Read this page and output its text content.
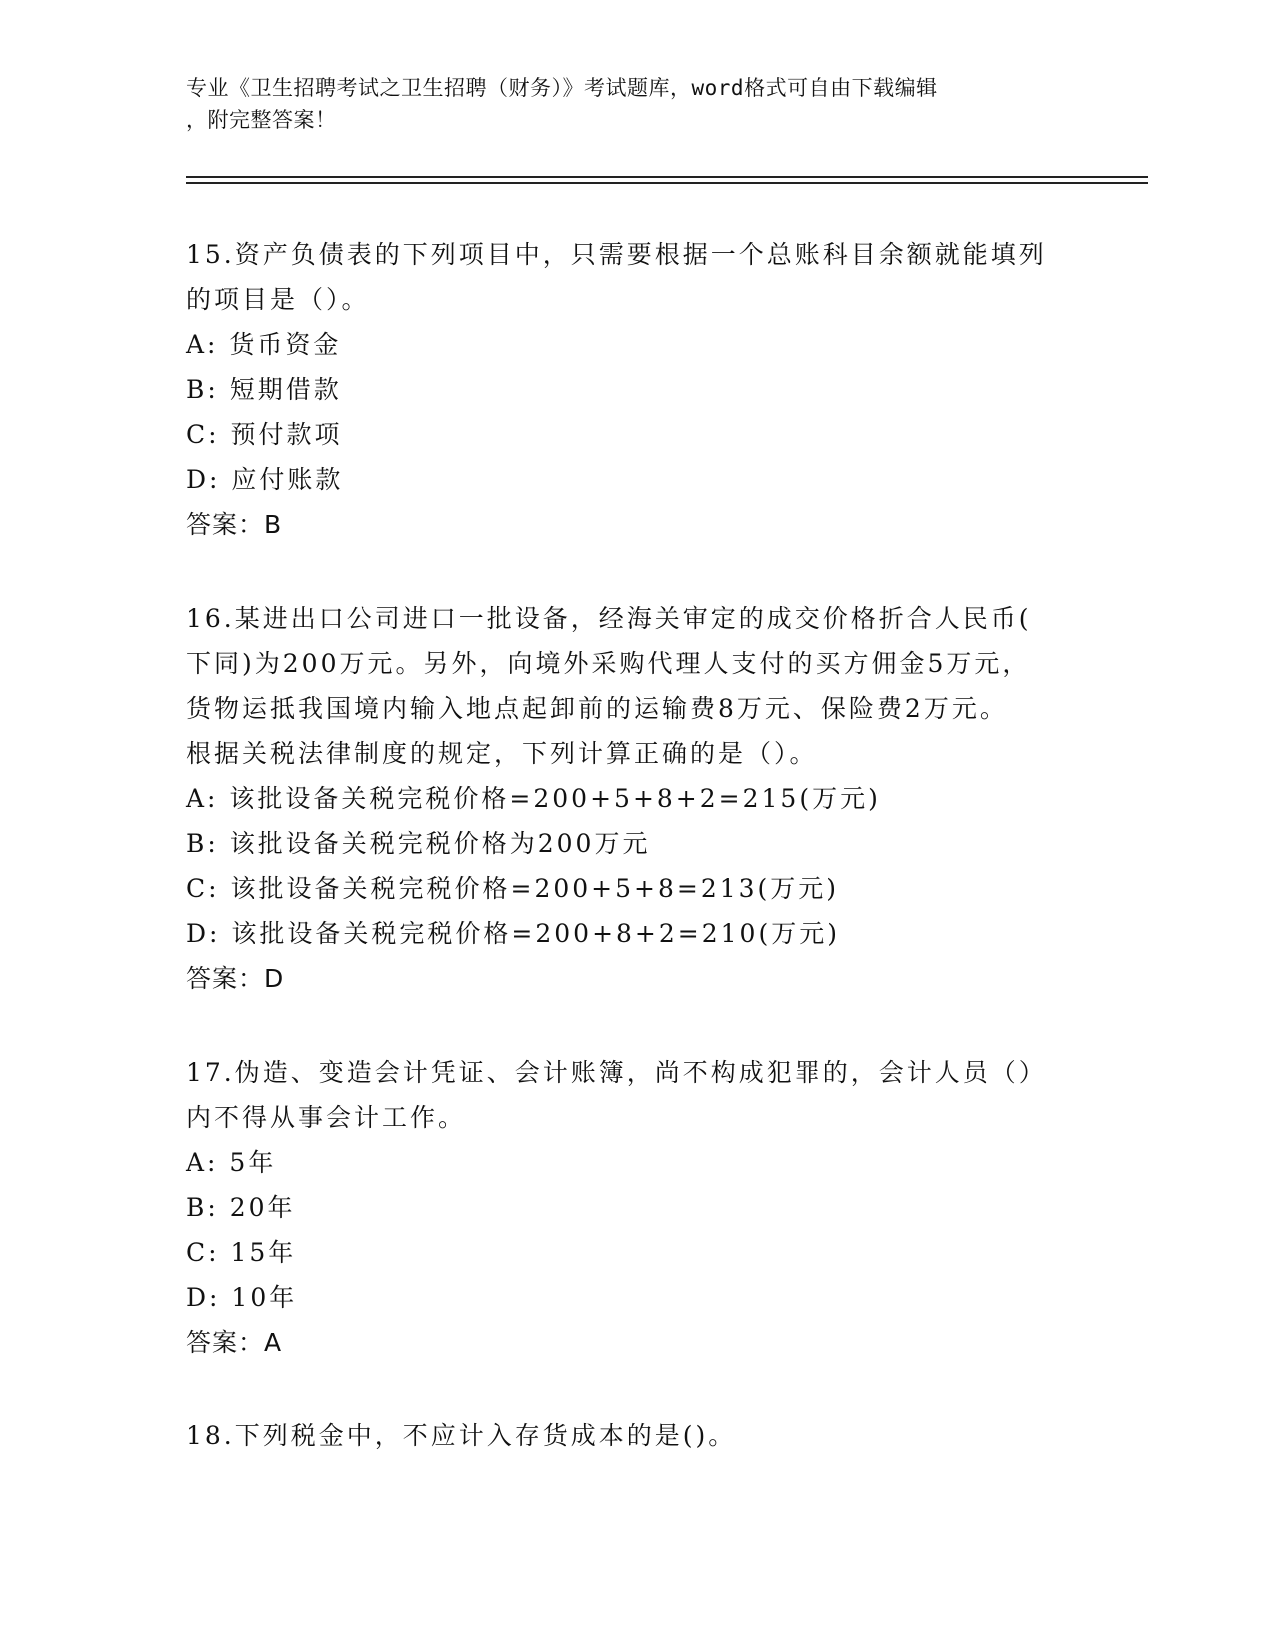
专业《卫生招聘考试之卫生招聘（财务）》考试题库，word格式可自由下载编辑
，附完整答案！

15.资产负债表的下列项目中，只需要根据一个总账科目余额就能填列

的项目是（）。

A: 货币资金

B: 短期借款

C: 预付款项

D: 应付账款

答案：B

16.某进出口公司进口一批设备，经海关审定的成交价格折合人民币(

下同)为200万元。另外，向境外采购代理人支付的买方佣金5万元，

货物运抵我国境内输入地点起卸前的运输费8万元、保险费2万元。

根据关税法律制度的规定，下列计算正确的是（）。

A: 该批设备关税完税价格=200+5+8+2=215(万元)

B: 该批设备关税完税价格为200万元

C: 该批设备关税完税价格=200+5+8=213(万元)

D: 该批设备关税完税价格=200+8+2=210(万元)

答案：D

17.伪造、变造会计凭证、会计账簿，尚不构成犯罪的，会计人员（）

内不得从事会计工作。

A: 5年

B: 20年

C: 15年

D: 10年

答案：A

18.下列税金中，不应计入存货成本的是()。
